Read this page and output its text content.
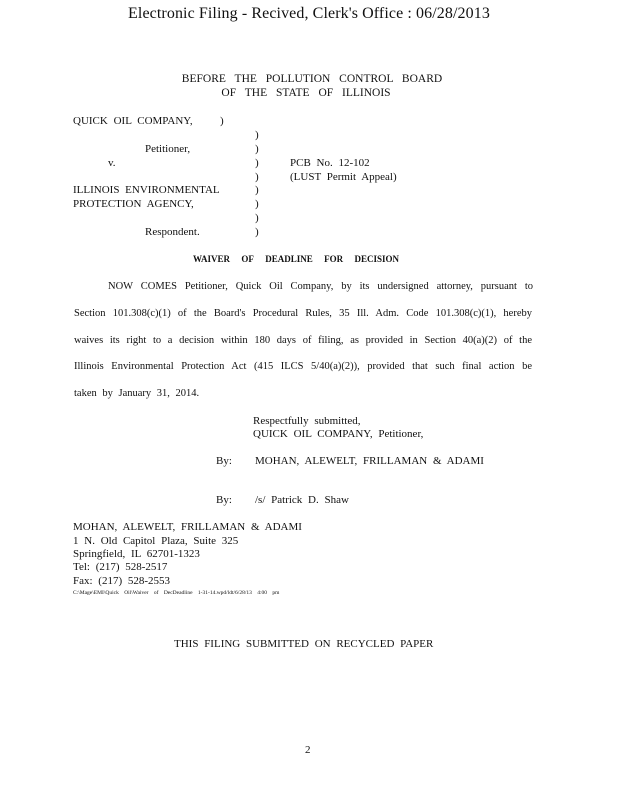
Electronic Filing - Recived, Clerk's Office : 06/28/2013
BEFORE THE POLLUTION CONTROL BOARD
OF THE STATE OF ILLINOIS
QUICK OIL COMPANY, )
)
Petitioner,	)
v.	)	PCB No. 12-102
)	(LUST Permit Appeal)
ILLINOIS ENVIRONMENTAL	)
PROTECTION AGENCY,	)
)
Respondent.	)
WAIVER OF DEADLINE FOR DECISION
NOW COMES Petitioner, Quick Oil Company, by its undersigned attorney, pursuant to
Section 101.308(c)(1) of the Board's Procedural Rules, 35 Ill. Adm. Code 101.308(c)(1), hereby
waives its right to a decision within 180 days of filing, as provided in Section 40(a)(2) of the
Illinois Environmental Protection Act (415 ILCS 5/40(a)(2)), provided that such final action be
taken by January 31, 2014.
Respectfully submitted,
QUICK OIL COMPANY, Petitioner,
By: MOHAN, ALEWELT, FRILLAMAN & ADAMI
By: /s/ Patrick D. Shaw
MOHAN, ALEWELT, FRILLAMAN & ADAMI
1 N. Old Capitol Plaza, Suite 325
Springfield, IL 62701-1323
Tel: (217) 528-2517
Fax: (217) 528-2553
C:\Mage\EMI\Quick Oil\Waiver of DecDeadline 1-31-14.wpd/ldt/6/28/13 4:00 pm
THIS FILING SUBMITTED ON RECYCLED PAPER
2
